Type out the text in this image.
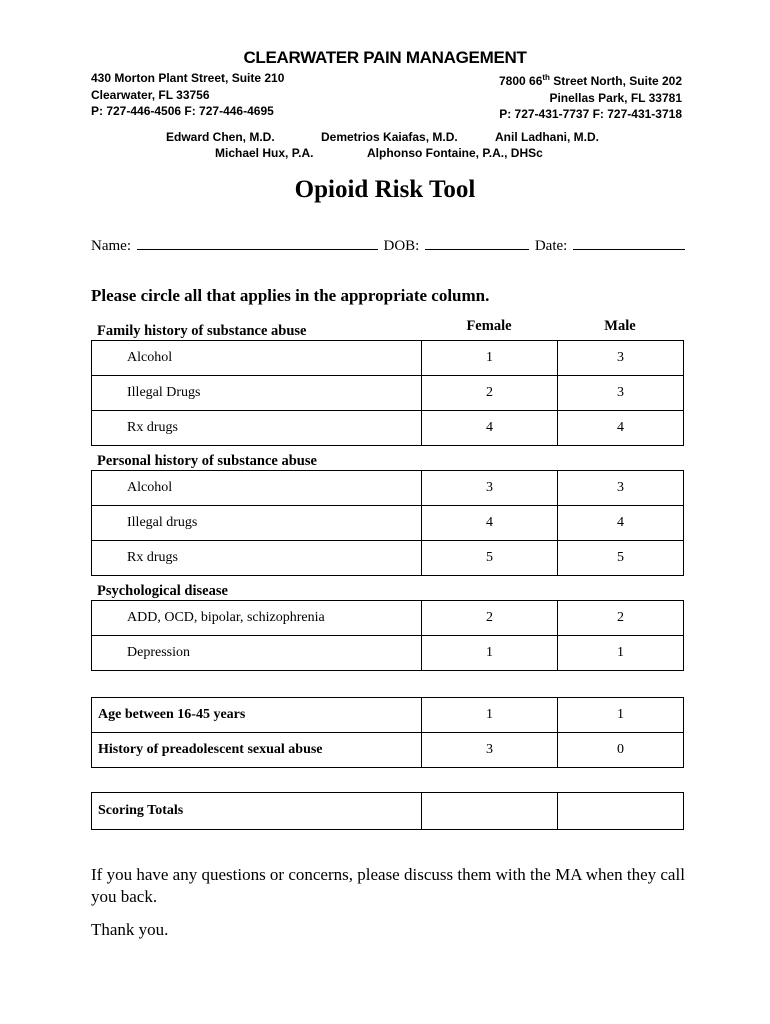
CLEARWATER PAIN MANAGEMENT
430 Morton Plant Street, Suite 210
Clearwater, FL 33756
P: 727-446-4506 F: 727-446-4695
7800 66th Street North, Suite 202
Pinellas Park, FL 33781
P: 727-431-7737 F: 727-431-3718
Edward Chen, M.D.	Demetrios Kaiafas, M.D.	Anil Ladhani, M.D.
Michael Hux, P.A.	Alphonso Fontaine, P.A., DHSc
Opioid Risk Tool
Name:	DOB:	Date:
Please circle all that applies in the appropriate column.
Family history of substance abuse	Female	Male
Alcohol	1	3
Illegal Drugs	2	3
Rx drugs	4	4
Personal history of substance abuse
Alcohol	3	3
Illegal drugs	4	4
Rx drugs	5	5
Psychological disease
ADD, OCD, bipolar, schizophrenia	2	2
Depression	1	1
Age between 16-45 years	1	1
History of preadolescent sexual abuse	3	0
Scoring Totals		
If you have any questions or concerns, please discuss them with the MA when they call you back.
Thank you.
